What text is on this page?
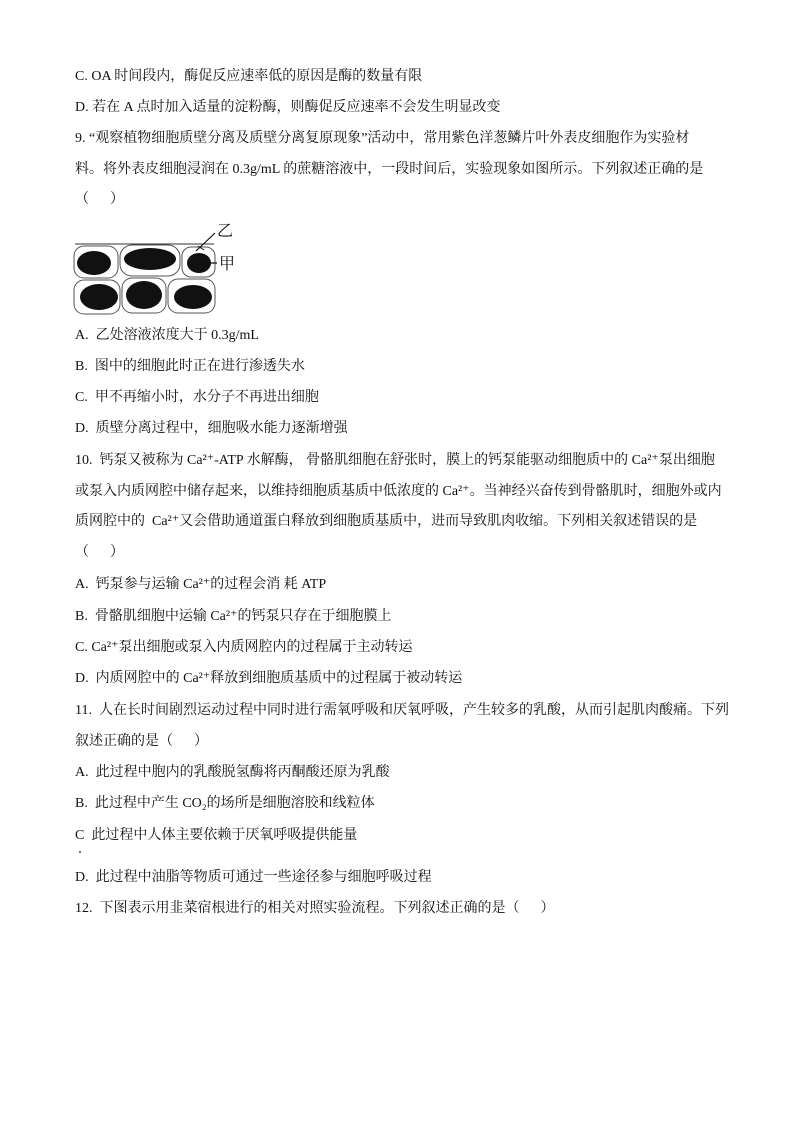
C. OA 时间段内，酶促反应速率低的原因是酶的数量有限
D. 若在 A 点时加入适量的淀粉酶，则酶促反应速率不会发生明显改变
9. “观察植物细胞质壁分离及质壁分离复原现象”活动中，常用紫色洋葱鳞片叶外表皮细胞作为实验材
料。将外表皮细胞浸润在 0.3g/mL 的蔗糖溶液中，一段时间后，实验现象如图所示。下列叙述正确的是
（      ）
乙
甲
A.  乙处溶液浓度大于 0.3g/mL
B.  图中的细胞此时正在进行渗透失水
C.  甲不再缩小时，水分子不再进出细胞
D.  质壁分离过程中，细胞吸水能力逐渐增强
10.  钙泵又被称为 Ca²⁺-ATP 水解酶， 骨骼肌细胞在舒张时，膜上的钙泵能驱动细胞质中的 Ca²⁺泵出细胞
或泵入内质网腔中储存起来，以维持细胞质基质中低浓度的 Ca²⁺。当神经兴奋传到骨骼肌时，细胞外或内
质网腔中的  Ca²⁺又会借助通道蛋白释放到细胞质基质中，进而导致肌肉收缩。下列相关叙述错误的是
（      ）
A.  钙泵参与运输 Ca²⁺的过程会消 耗 ATP
B.  骨骼肌细胞中运输 Ca²⁺的钙泵只存在于细胞膜上
C. Ca²⁺泵出细胞或泵入内质网腔内的过程属于主动转运
D.  内质网腔中的 Ca²⁺释放到细胞质基质中的过程属于被动转运
11.  人在长时间剧烈运动过程中同时进行需氧呼吸和厌氧呼吸，产生较多的乳酸，从而引起肌肉酸痛。下列
叙述正确的是（      ）
A.  此过程中胞内的乳酸脱氢酶将丙酮酸还原为乳酸
B.  此过程中产生 CO₂的场所是细胞溶胶和线粒体
C  此过程中人体主要依赖于厌氧呼吸提供能量
D.  此过程中油脂等物质可通过一些途径参与细胞呼吸过程
12.  下图表示用韭菜宿根进行的相关对照实验流程。下列叙述正确的是（      ）
